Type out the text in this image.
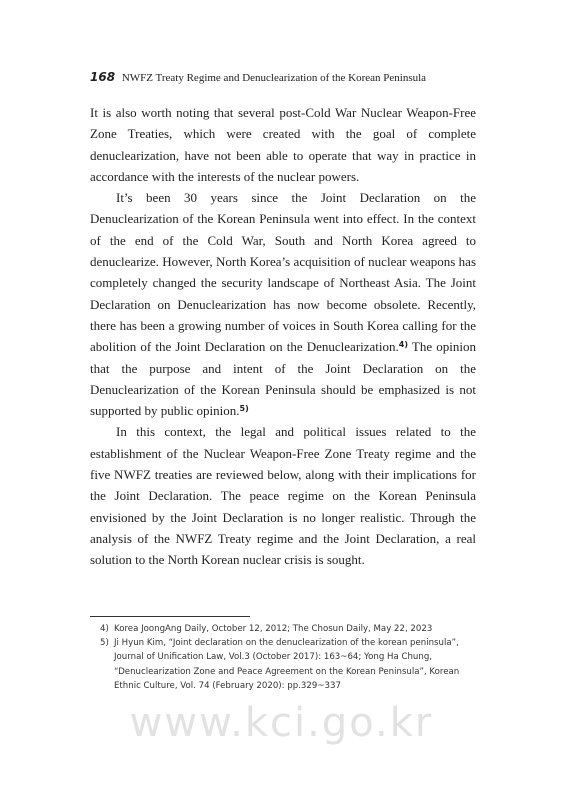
168 NWFZ Treaty Regime and Denuclearization of the Korean Peninsula

It is also worth noting that several post-Cold War Nuclear Weapon-Free Zone Treaties, which were created with the goal of complete denuclearization, have not been able to operate that way in practice in accordance with the interests of the nuclear powers.

It’s been 30 years since the Joint Declaration on the Denuclearization of the Korean Peninsula went into effect. In the context of the end of the Cold War, South and North Korea agreed to denuclearize. However, North Korea’s acquisition of nuclear weapons has completely changed the security landscape of Northeast Asia. The Joint Declaration on Denuclearization has now become obsolete. Recently, there has been a growing number of voices in South Korea calling for the abolition of the Joint Declaration on the Denuclearization.$^{4)}$ The opinion that the purpose and intent of the Joint Declaration on the Denuclearization of the Korean Peninsula should be emphasized is not supported by public opinion.$^{5)}$

In this context, the legal and political issues related to the establishment of the Nuclear Weapon-Free Zone Treaty regime and the five NWFZ treaties are reviewed below, along with their implications for the Joint Declaration. The peace regime on the Korean Peninsula envisioned by the Joint Declaration is no longer realistic. Through the analysis of the NWFZ Treaty regime and the Joint Declaration, a real solution to the North Korean nuclear crisis is sought.

4) Korea JoongAng Daily, October 12, 2012; The Chosun Daily, May 22, 2023
5) Ji Hyun Kim, “Joint declaration on the denuclearization of the korean peninsula”, Journal of Unification Law, Vol.3 (October 2017): 163~64; Yong Ha Chung, “Denuclearization Zone and Peace Agreement on the Korean Peninsula”, Korean Ethnic Culture, Vol. 74 (February 2020): pp.329~337
www.kci.go.kr
